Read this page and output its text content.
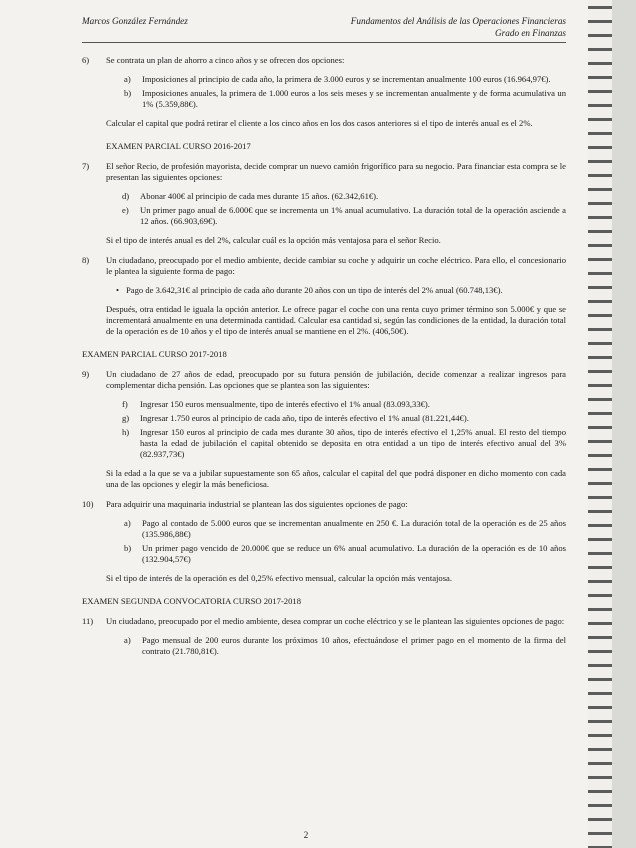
Marcos González Fernández	Fundamentos del Análisis de las Operaciones Financieras
Grado en Finanzas
6)	Se contrata un plan de ahorro a cinco años y se ofrecen dos opciones:

a)	Imposiciones al principio de cada año, la primera de 3.000 euros y se incrementan anualmente 100 euros (16.964,97€).
b)	Imposiciones anuales, la primera de 1.000 euros a los seis meses y se incrementan anualmente y de forma acumulativa un 1% (5.359,88€).

Calcular el capital que podrá retirar el cliente a los cinco años en los dos casos anteriores si el tipo de interés anual es el 2%.

EXAMEN PARCIAL CURSO 2016-2017
7)	El señor Recio, de profesión mayorista, decide comprar un nuevo camión frigorífico para su negocio. Para financiar esta compra se le presentan las siguientes opciones:

d)	Abonar 400€ al principio de cada mes durante 15 años. (62.342,61€).
e)	Un primer pago anual de 6.000€ que se incrementa un 1% anual acumulativo. La duración total de la operación asciende a 12 años. (66.903,69€).

Si el tipo de interés anual es del 2%, calcular cuál es la opción más ventajosa para el señor Recio.

8)	Un ciudadano, preocupado por el medio ambiente, decide cambiar su coche y adquirir un coche eléctrico. Para ello, el concesionario le plantea la siguiente forma de pago:

• Pago de 3.642,31€ al principio de cada año durante 20 años con un tipo de interés del 2% anual (60.748,13€).

Después, otra entidad le iguala la opción anterior. Le ofrece pagar el coche con una renta cuyo primer término son 5.000€ y que se incrementará anualmente en una determinada cantidad. Calcular esa cantidad si, según las condiciones de la entidad, la duración total de la operación es de 10 años y el tipo de interés anual se mantiene en el 2%. (406,50€).

EXAMEN PARCIAL CURSO 2017-2018
9)	Un ciudadano de 27 años de edad, preocupado por su futura pensión de jubilación, decide comenzar a realizar ingresos para complementar dicha pensión. Las opciones que se plantea son las siguientes:

f)	Ingresar 150 euros mensualmente, tipo de interés efectivo el 1% anual (83.093,33€).
g)	Ingresar 1.750 euros al principio de cada año, tipo de interés efectivo el 1% anual (81.221,44€).
h)	Ingresar 150 euros al principio de cada mes durante 30 años, tipo de interés efectivo el 1,25% anual. El resto del tiempo hasta la edad de jubilación el capital obtenido se deposita en otra entidad a un tipo de interés efectivo anual del 3% (82.937,73€)

Si la edad a la que se va a jubilar supuestamente son 65 años, calcular el capital del que podrá disponer en dicho momento con cada una de las opciones y elegir la más beneficiosa.

10)	Para adquirir una maquinaria industrial se plantean las dos siguientes opciones de pago:

a)	Pago al contado de 5.000 euros que se incrementan anualmente en 250 €. La duración total de la operación es de 25 años (135.986,88€)
b)	Un primer pago vencido de 20.000€ que se reduce un 6% anual acumulativo. La duración de la operación es de 10 años (132.904,57€)

Si el tipo de interés de la operación es del 0,25% efectivo mensual, calcular la opción más ventajosa.

EXAMEN SEGUNDA CONVOCATORIA CURSO 2017-2018
11)	Un ciudadano, preocupado por el medio ambiente, desea comprar un coche eléctrico y se le plantean las siguientes opciones de pago:

a)	Pago mensual de 200 euros durante los próximos 10 años, efectuándose el primer pago en el momento de la firma del contrato (21.780,81€).
2
